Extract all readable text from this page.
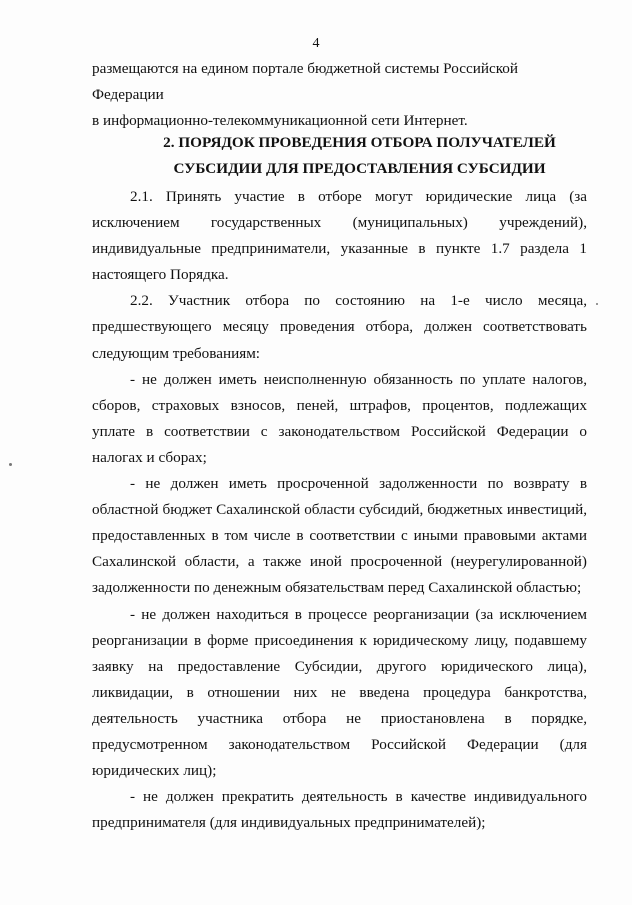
4

размещаются на едином портале бюджетной системы Российской Федерации

в информационно-телекоммуникационной сети Интернет.

2. ПОРЯДОК ПРОВЕДЕНИЯ ОТБОРА ПОЛУЧАТЕЛЕЙ
СУБСИДИИ ДЛЯ ПРЕДОСТАВЛЕНИЯ СУБСИДИИ

2.1. Принять участие в отборе могут юридические лица (за исключением государственных (муниципальных) учреждений), индивидуальные предприниматели, указанные в пункте 1.7 раздела 1 настоящего Порядка.

2.2. Участник отбора по состоянию на 1-е число месяца, предшествующего месяцу проведения отбора, должен соответствовать следующим требованиям:

- не должен иметь неисполненную обязанность по уплате налогов, сборов, страховых взносов, пеней, штрафов, процентов, подлежащих уплате в соответствии с законодательством Российской Федерации о налогах и сборах;

- не должен иметь просроченной задолженности по возврату в областной бюджет Сахалинской области субсидий, бюджетных инвестиций, предоставленных в том числе в соответствии с иными правовыми актами Сахалинской области, а также иной просроченной (неурегулированной) задолженности по денежным обязательствам перед Сахалинской областью;

- не должен находиться в процессе реорганизации (за исключением реорганизации в форме присоединения к юридическому лицу, подавшему заявку на предоставление Субсидии, другого юридического лица), ликвидации, в отношении них не введена процедура банкротства, деятельность участника отбора не приостановлена в порядке, предусмотренном законодательством Российской Федерации (для юридических лиц);

- не должен прекратить деятельность в качестве индивидуального предпринимателя (для индивидуальных предпринимателей);
